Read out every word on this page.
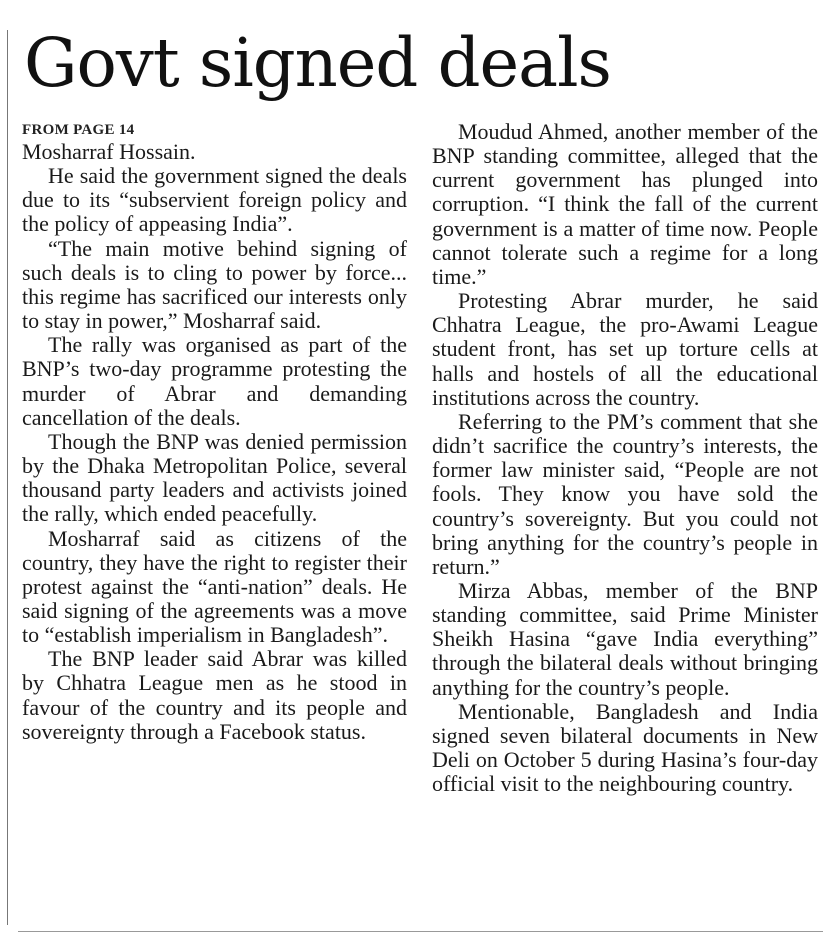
Govt signed deals

FROM PAGE 14

Mosharraf Hossain.

He said the government signed the deals due to its “subservient foreign policy and the policy of appeasing India”.

“The main motive behind signing of such deals is to cling to power by force... this regime has sacrificed our interests only to stay in power,” Mosharraf said.

The rally was organised as part of the BNP’s two-day programme protesting the murder of Abrar and demanding cancellation of the deals.

Though the BNP was denied permission by the Dhaka Metropolitan Police, several thousand party leaders and activists joined the rally, which ended peacefully.

Mosharraf said as citizens of the country, they have the right to register their protest against the “anti-nation” deals. He said signing of the agreements was a move to “establish imperialism in Bangladesh”.

The BNP leader said Abrar was killed by Chhatra League men as he stood in favour of the country and its people and sovereignty through a Facebook status.

Moudud Ahmed, another member of the BNP standing committee, alleged that the current government has plunged into corruption. “I think the fall of the current government is a matter of time now. People cannot tolerate such a regime for a long time.”

Protesting Abrar murder, he said Chhatra League, the pro-Awami League student front, has set up torture cells at halls and hostels of all the educational institutions across the country.

Referring to the PM’s comment that she didn’t sacrifice the country’s interests, the former law minister said, “People are not fools. They know you have sold the country’s sovereignty. But you could not bring anything for the country’s people in return.”

Mirza Abbas, member of the BNP standing committee, said Prime Minister Sheikh Hasina “gave India everything” through the bilateral deals without bringing anything for the country’s people.

Mentionable, Bangladesh and India signed seven bilateral documents in New Deli on October 5 during Hasina’s four-day official visit to the neighbouring country.
